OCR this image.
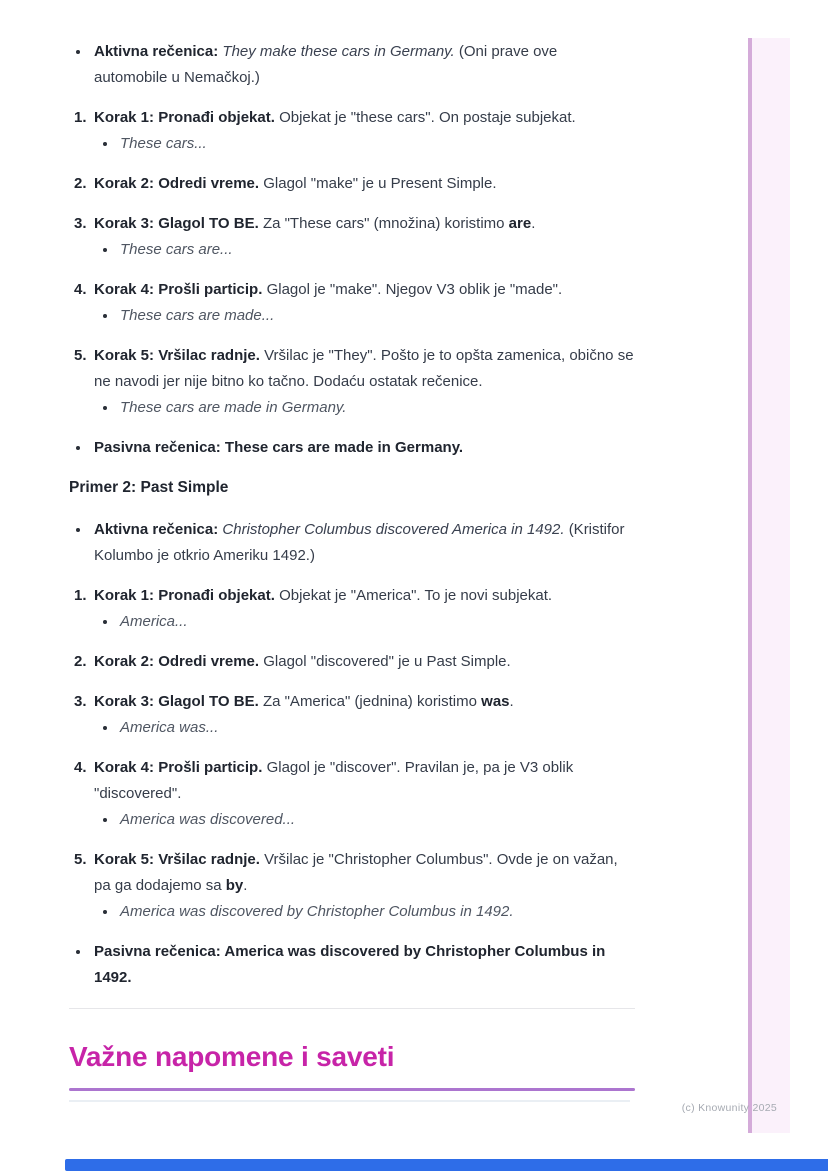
Aktivna rečenica: They make these cars in Germany. (Oni prave ove automobile u Nemačkoj.)
1. Korak 1: Pronađi objekat. Objekat je "these cars". On postaje subjekat.
These cars...
2. Korak 2: Odredi vreme. Glagol "make" je u Present Simple.
3. Korak 3: Glagol TO BE. Za "These cars" (množina) koristimo are.
These cars are...
4. Korak 4: Prošli particip. Glagol je "make". Njegov V3 oblik je "made".
These cars are made...
5. Korak 5: Vršilac radnje. Vršilac je "They". Pošto je to opšta zamenica, obično se ne navodi jer nije bitno ko tačno. Dodaću ostatak rečenice.
These cars are made in Germany.
Pasivna rečenica: These cars are made in Germany.
Primer 2: Past Simple
Aktivna rečenica: Christopher Columbus discovered America in 1492. (Kristifor Kolumbo je otkrio Ameriku 1492.)
1. Korak 1: Pronađi objekat. Objekat je "America". To je novi subjekat.
America...
2. Korak 2: Odredi vreme. Glagol "discovered" je u Past Simple.
3. Korak 3: Glagol TO BE. Za "America" (jednina) koristimo was.
America was...
4. Korak 4: Prošli particip. Glagol je "discover". Pravilan je, pa je V3 oblik "discovered".
America was discovered...
5. Korak 5: Vršilac radnje. Vršilac je "Christopher Columbus". Ovde je on važan, pa ga dodajemo sa by.
America was discovered by Christopher Columbus in 1492.
Pasivna rečenica: America was discovered by Christopher Columbus in 1492.
Važne napomene i saveti
(c) Knowunity 2025
